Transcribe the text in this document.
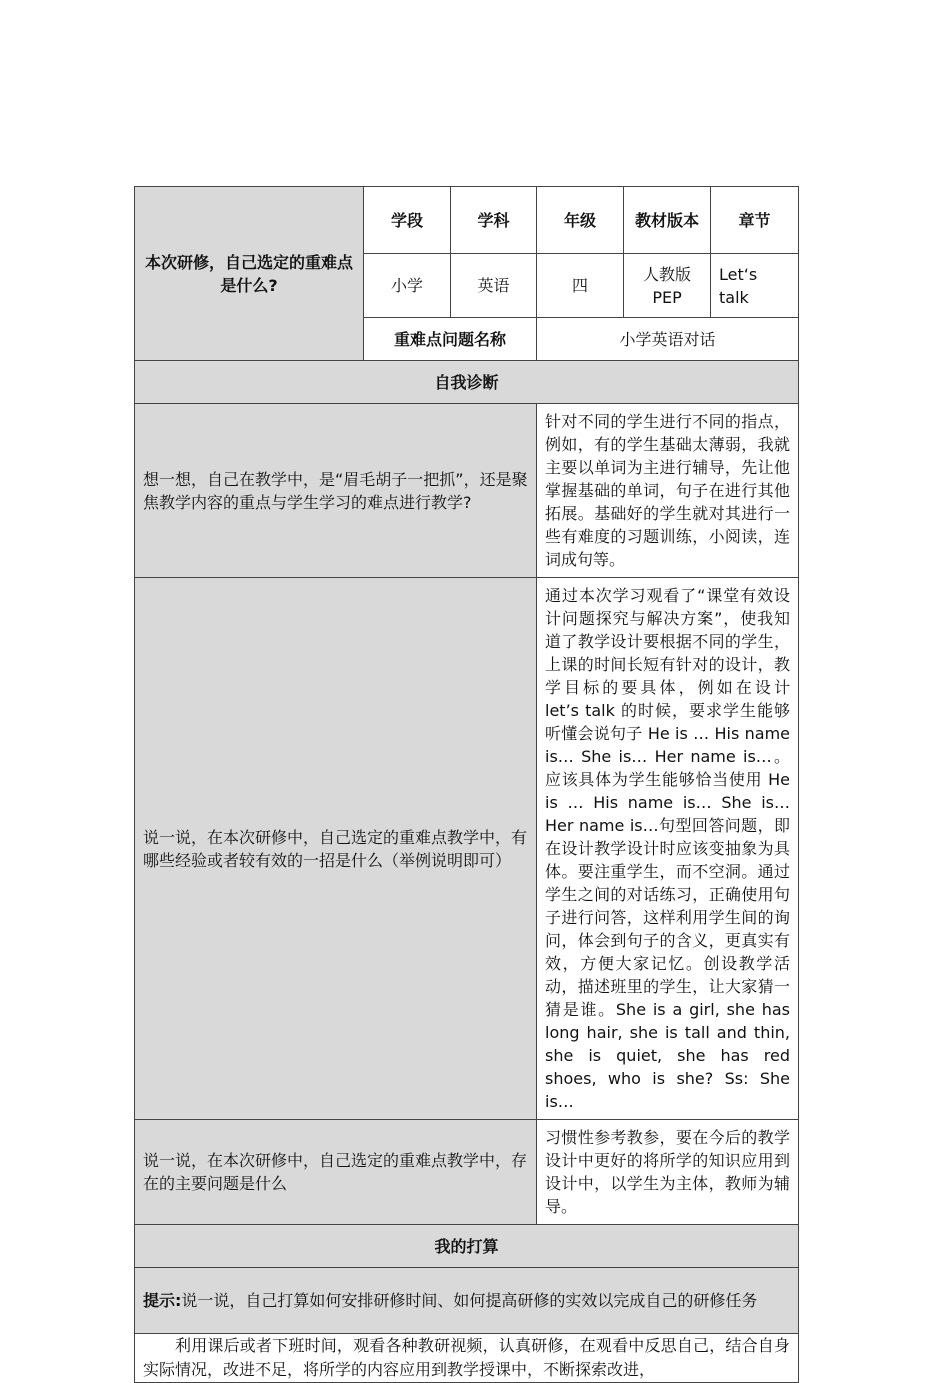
本次研修，自己选定的重难点是什么?	学段	学科	年级	教材版本	章节
	小学	英语	四	人教版PEP	Let‘s talk
	重难点问题名称		小学英语对话		
自我诊断					
想一想，自己在教学中，是“眉毛胡子一把抓”，还是聚焦教学内容的重点与学生学习的难点进行教学?			针对不同的学生进行不同的指点，例如，有的学生基础太薄弱，我就主要以单词为主进行辅导，先让他掌握基础的单词，句子在进行其他拓展。基础好的学生就对其进行一些有难度的习题训练，小阅读，连词成句等。		
说一说，在本次研修中，自己选定的重难点教学中，有哪些经验或者较有效的一招是什么（举例说明即可）			通过本次学习观看了“课堂有效设计问题探究与解决方案”，使我知道了教学设计要根据不同的学生，上课的时间长短有针对的设计，教学目标的要具体，例如在设计 let’s talk 的时候，要求学生能够听懂会说句子 He is … His name is… She is… Her name is…。应该具体为学生能够恰当使用 He is … His name is… She is… Her name is…句型回答问题，即在设计教学设计时应该变抽象为具体。要注重学生，而不空洞。通过学生之间的对话练习，正确使用句子进行问答，这样利用学生间的询问，体会到句子的含义，更真实有效，方便大家记忆。创设教学活动，描述班里的学生，让大家猜一猜是谁。She is a girl, she has long hair, she is tall and thin, she is quiet, she has red shoes, who is she? Ss: She is…		
说一说，在本次研修中，自己选定的重难点教学中，存在的主要问题是什么			习惯性参考教参，要在今后的教学设计中更好的将所学的知识应用到设计中，以学生为主体，教师为辅导。		
我的打算					
提示:说一说，自己打算如何安排研修时间、如何提高研修的实效以完成自己的研修任务					

利用课后或者下班时间，观看各种教研视频，认真研修，在观看中反思自己，结合自身实际情况，改进不足，将所学的内容应用到教学授课中，不断探索改进，					
